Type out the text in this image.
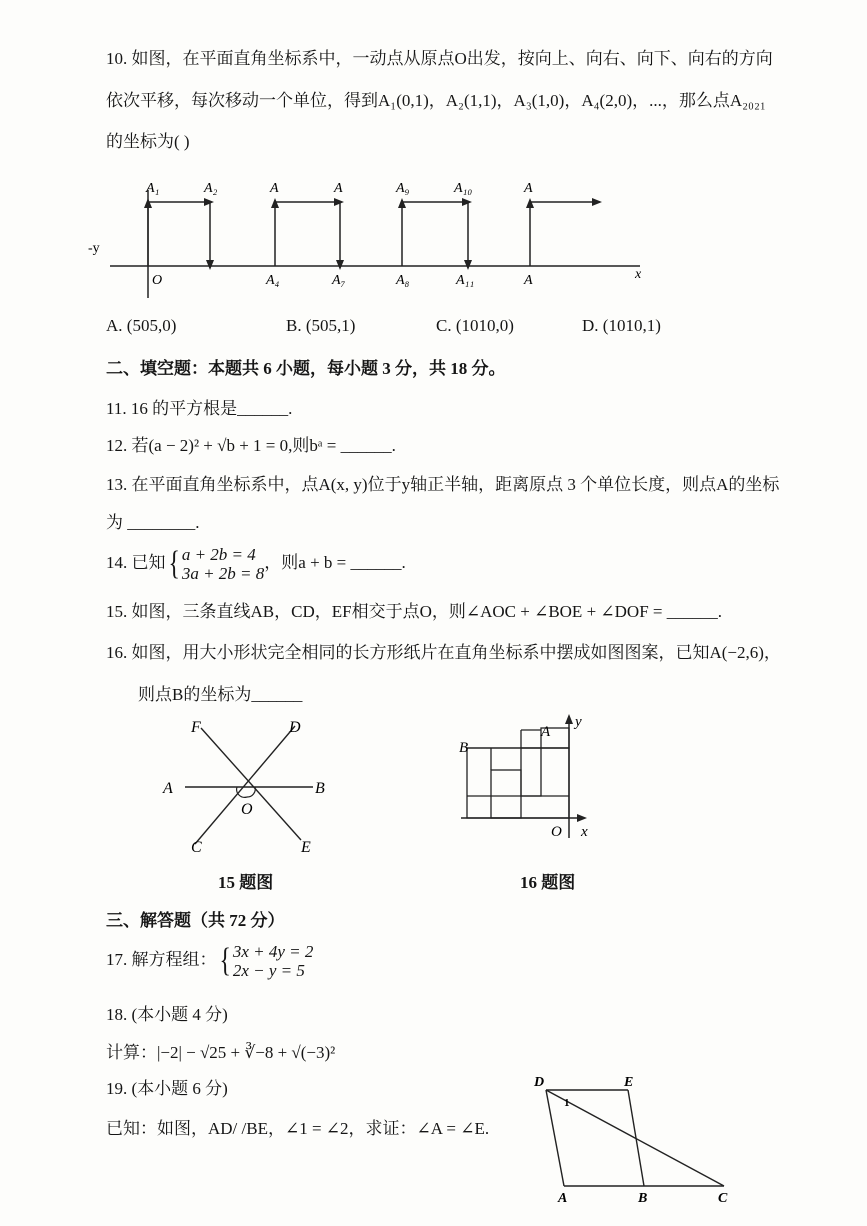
10. 如图，在平面直角坐标系中，一动点从原点O出发，按向上、向右、向下、向右的方向
依次平移，每次移动一个单位，得到A₁(0,1)，A₂(1,1)，A₃(1,0)，A₄(2,0)，...，那么点A₂₀₂₁
的坐标为( )
x
-y
A₁	A₂	A	A	A₉	A₁₀	A
O	A₄	A₇	A₈	A₁₁	A
A. (505,0)	B. (505,1)	C. (1010,0)	D. (1010,1)
二、填空题：本题共 6 小题，每小题 3 分，共 18 分。
11. 16 的平方根是______.
12. 若(a − 2)² + √b + 1 = 0,则bᵃ = ______.
13. 在平面直角坐标系中，点A(x, y)位于y轴正半轴，距离原点 3 个单位长度，则点A的坐标
为 ________.
14. 已知{ a + 2b = 4
3a + 2b = 8，则a + b = ______.
15. 如图，三条直线AB，CD，EF相交于点O，则∠AOC + ∠BOE + ∠DOF = ______.
16. 如图，用大小形状完全相同的长方形纸片在直角坐标系中摆成如图图案，已知A(−2,6)，
则点B的坐标为______
F	D
A	B
O
C	E
15 题图
y
B
A
O x
16 题图
三、解答题（共 72 分）
17. 解方程组：{ 3x + 4y = 2
2x − y = 5
18. (本小题 4 分)
计算：|−2| − √25 + ∛−8 + √(−3)²
19. (本小题 6 分)
已知：如图，AD/ /BE，∠1 = ∠2，求证：∠A = ∠E.
D	E
1
A	B	C
